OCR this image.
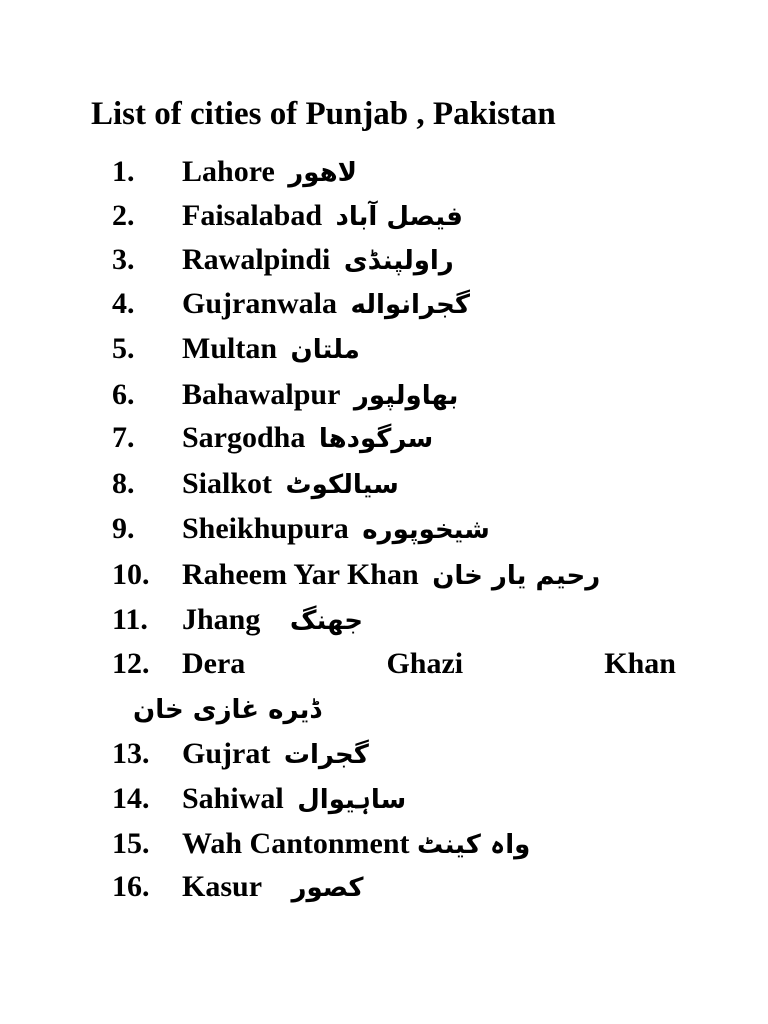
List of cities of Punjab , Pakistan
1. Lahore لاهور
2. Faisalabad فیصل آباد
3. Rawalpindi راولپنڈی
4. Gujranwala گجرانواله
5. Multan ملتان
6. Bahawalpur بهاولپور
7. Sargodha سرگودها
8. Sialkot سیالکوٹ
9. Sheikhupura شیخوپوره
10. Raheem Yar Khan رحیم یار خان
11. Jhang جهنگ
12. Dera	Ghazi	Khan
ڈیره غازی خان
13. Gujrat گجرات
14. Sahiwal ساہیوال
15. Wah Cantonment واہ کینٹ
16. Kasur کصور
